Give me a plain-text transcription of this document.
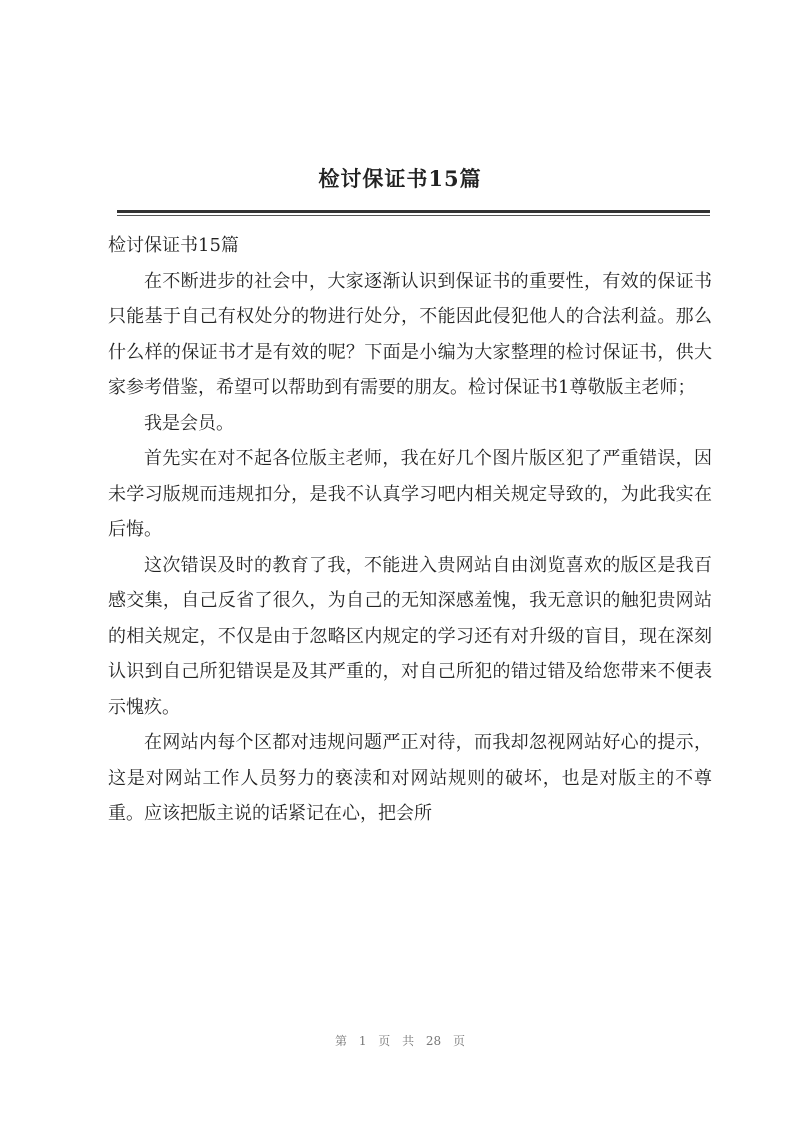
检讨保证书15篇

检讨保证书15篇

在不断进步的社会中，大家逐渐认识到保证书的重要性，有效的保证书只能基于自己有权处分的物进行处分，不能因此侵犯他人的合法利益。那么什么样的保证书才是有效的呢？下面是小编为大家整理的检讨保证书，供大家参考借鉴，希望可以帮助到有需要的朋友。检讨保证书1尊敬版主老师；

我是会员。

首先实在对不起各位版主老师，我在好几个图片版区犯了严重错误，因未学习版规而违规扣分，是我不认真学习吧内相关规定导致的，为此我实在后悔。

这次错误及时的教育了我，不能进入贵网站自由浏览喜欢的版区是我百感交集，自己反省了很久，为自己的无知深感羞愧，我无意识的触犯贵网站的相关规定，不仅是由于忽略区内规定的学习还有对升级的盲目，现在深刻认识到自己所犯错误是及其严重的，对自己所犯的错过错及给您带来不便表示愧疚。

在网站内每个区都对违规问题严正对待，而我却忽视网站好心的提示，这是对网站工作人员努力的亵渎和对网站规则的破坏，也是对版主的不尊重。应该把版主说的话紧记在心，把会所

第 1 页 共 28 页
